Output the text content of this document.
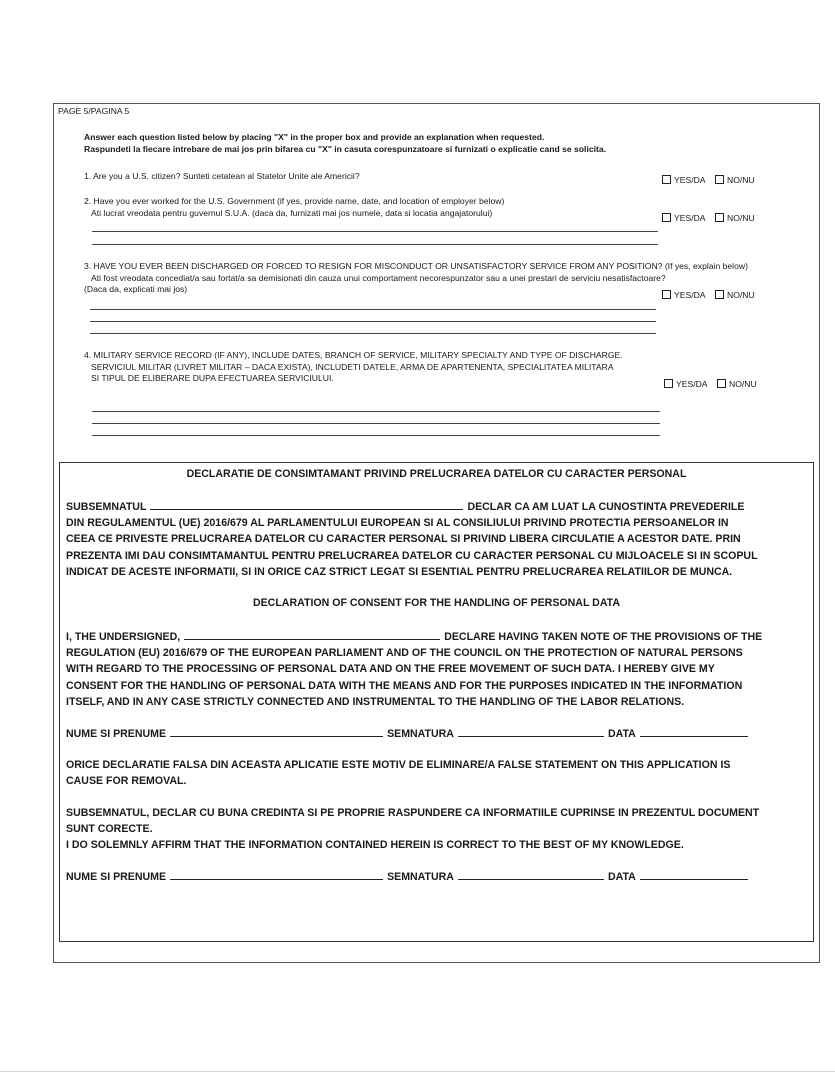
PAGE 5/PAGINA 5
Answer each question listed below by placing "X" in the proper box and provide an explanation when requested.
Raspundeti la fiecare intrebare de mai jos prin bifarea cu "X" in casuta corespunzatoare si furnizati o explicatie cand se solicita.
1. Are you a U.S. citizen? Sunteti cetatean al Statelor Unite ale Americii?	YES/DA
NO/NU
2. Have you ever worked for the U.S. Government (if yes, provide name, date, and location of employer below)
Ati lucrat vreodata pentru guvernul S.U.A. (daca da, furnizati mai jos numele, data si locatia angajatorului)	YES/DA
NO/NU
3. HAVE YOU EVER BEEN DISCHARGED OR FORCED TO RESIGN FOR MISCONDUCT OR UNSATISFACTORY SERVICE FROM ANY POSITION? (If yes, explain below)
Ati fost vreodata concediat/a sau fortat/a sa demisionati din cauza unui comportament necorespunzator sau a unei prestari de serviciu nesatisfactoare?
(Daca da, explicati mai jos)
YES/DA
NO/NU
4. MILITARY SERVICE RECORD (IF ANY), INCLUDE DATES, BRANCH OF SERVICE, MILITARY SPECIALTY AND TYPE OF DISCHARGE.
SERVICIUL MILITAR (LIVRET MILITAR – DACA EXISTA), INCLUDETI DATELE, ARMA DE APARTENENTA, SPECIALITATEA MILITARA
SI TIPUL DE ELIBERARE DUPA EFECTUAREA SERVICIULUI.
YES/DA
NO/NU
DECLARATIE DE CONSIMTAMANT PRIVIND PRELUCRAREA DATELOR CU CARACTER PERSONAL
SUBSEMNATUL	DECLAR CA AM LUAT LA CUNOSTINTA PREVEDERILE
DIN REGULAMENTUL (UE) 2016/679 AL PARLAMENTULUI EUROPEAN SI AL CONSILIULUI PRIVIND PROTECTIA PERSOANELOR IN
CEEA CE PRIVESTE PRELUCRAREA DATELOR CU CARACTER PERSONAL SI PRIVIND LIBERA CIRCULATIE A ACESTOR DATE. PRIN
PREZENTA IMI DAU CONSIMTAMANTUL PENTRU PRELUCRAREA DATELOR CU CARACTER PERSONAL CU MIJLOACELE SI IN SCOPUL
INDICAT DE ACESTE INFORMATII, SI IN ORICE CAZ STRICT LEGAT SI ESENTIAL PENTRU PRELUCRAREA RELATIILOR DE MUNCA.
DECLARATION OF CONSENT FOR THE HANDLING OF PERSONAL DATA
I, THE UNDERSIGNED,	DECLARE HAVING TAKEN NOTE OF THE PROVISIONS OF THE
REGULATION (EU) 2016/679 OF THE EUROPEAN PARLIAMENT AND OF THE COUNCIL ON THE PROTECTION OF NATURAL PERSONS
WITH REGARD TO THE PROCESSING OF PERSONAL DATA AND ON THE FREE MOVEMENT OF SUCH DATA. I HEREBY GIVE MY
CONSENT FOR THE HANDLING OF PERSONAL DATA WITH THE MEANS AND FOR THE PURPOSES INDICATED IN THE INFORMATION
ITSELF, AND IN ANY CASE STRICTLY CONNECTED AND INSTRUMENTAL TO THE HANDLING OF THE LABOR RELATIONS.
NUME SI PRENUME	SEMNATURA	DATA
ORICE DECLARATIE FALSA DIN ACEASTA APLICATIE ESTE MOTIV DE ELIMINARE/A FALSE STATEMENT ON THIS APPLICATION IS
CAUSE FOR REMOVAL.
SUBSEMNATUL, DECLAR CU BUNA CREDINTA SI PE PROPRIE RASPUNDERE CA INFORMATIILE CUPRINSE IN PREZENTUL DOCUMENT
SUNT CORECTE.
I DO SOLEMNLY AFFIRM THAT THE INFORMATION CONTAINED HEREIN IS CORRECT TO THE BEST OF MY KNOWLEDGE.
NUME SI PRENUME	SEMNATURA	DATA
